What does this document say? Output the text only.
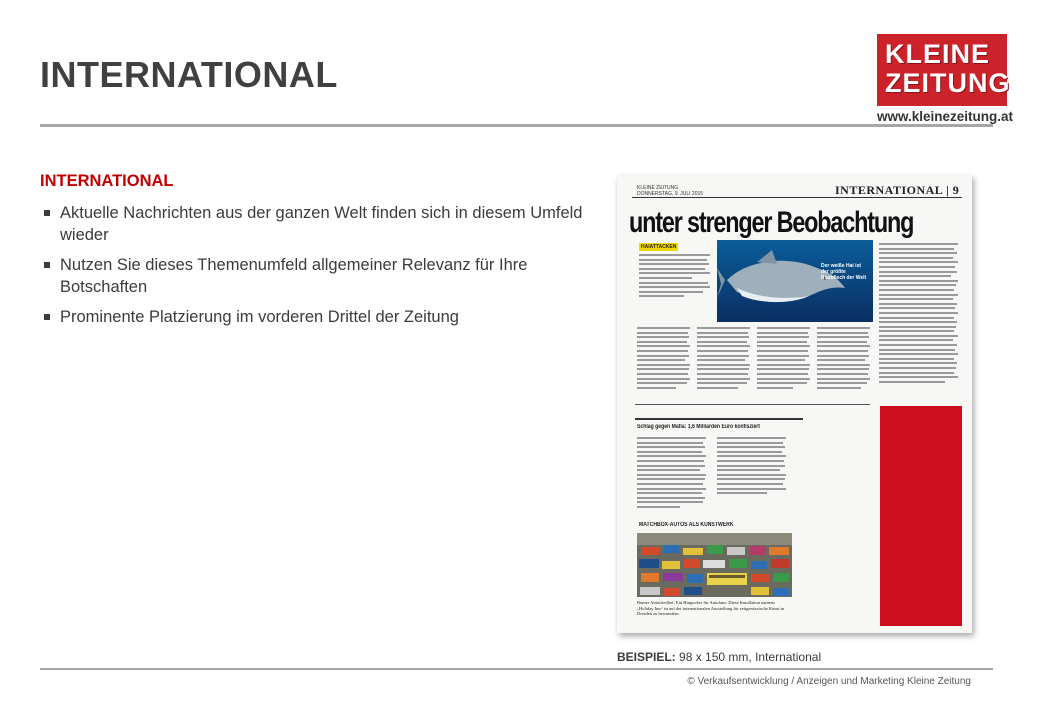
INTERNATIONAL	KLEINE
ZEITUNG
www.kleinezeitung.at
INTERNATIONAL
Aktuelle Nachrichten aus der ganzen Welt finden sich in diesem Umfeld wieder
Nutzen Sie dieses Themenumfeld allgemeiner Relevanz für Ihre Botschaften
Prominente Platzierung im vorderen Drittel der Zeitung
KLEINE ZEITUNG
DONNERSTAG, 9. JULI 2015	INTERNATIONAL | 9
unter strenger Beobachtung
HAIATTACKEN
Der weiße Hai ist der größte Raubfisch der Welt
Schlag gegen Mafia: 1,6 Milliarden Euro konfisziert
MATCHBOX-AUTOS ALS KUNSTWERK
Bunter Autofriedhof. Ein Hingucker für Autofans: Diese Installation namens „Holiday Inn“ ist auf der internationalen Ausstellung für zeitgenössische Kunst in Dresden zu bewundern.
BEISPIEL: 98 x 150 mm, International
© Verkaufsentwicklung / Anzeigen und Marketing Kleine Zeitung
